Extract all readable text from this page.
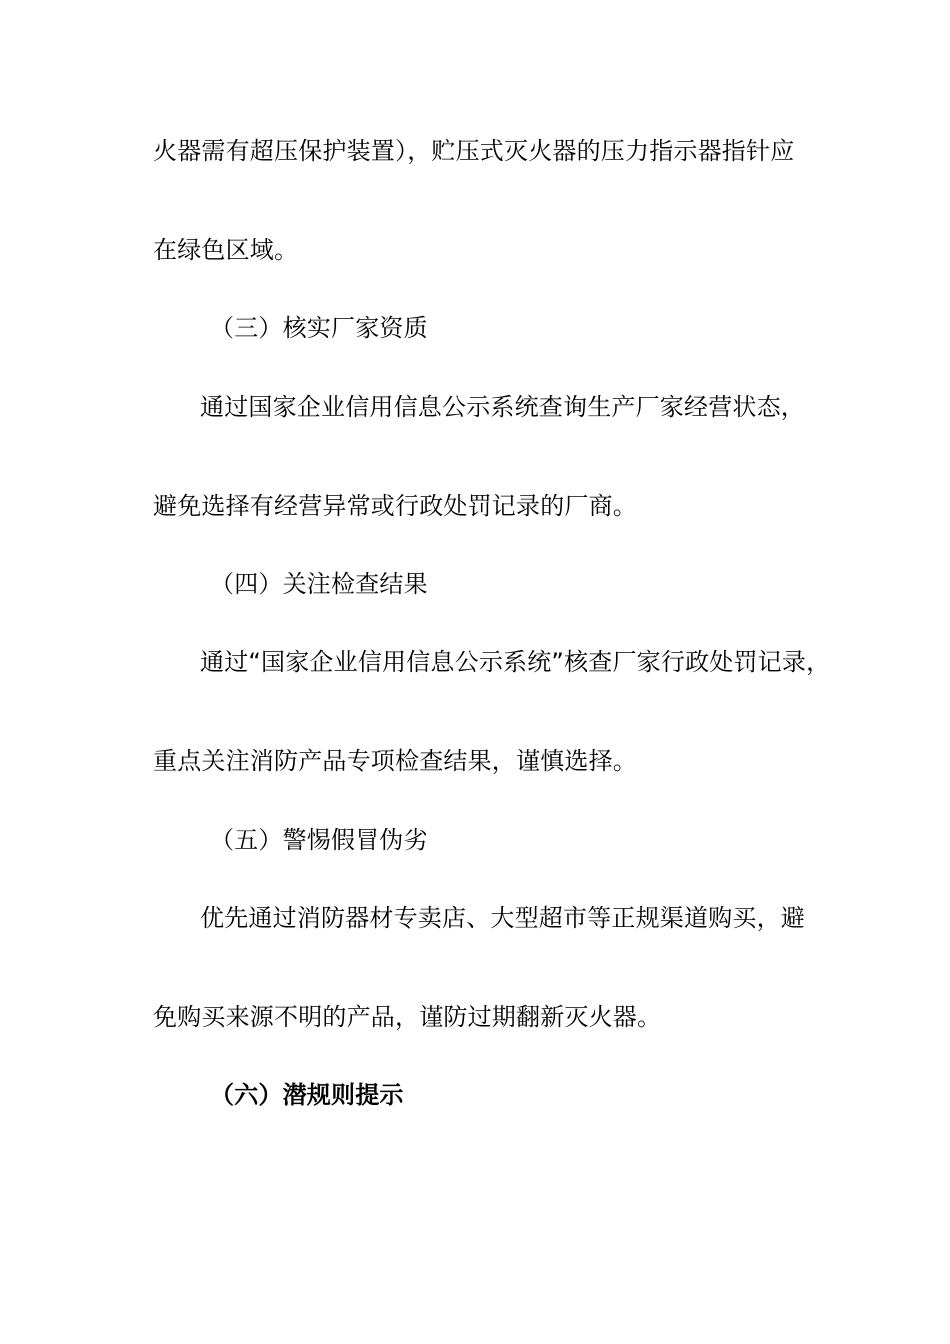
火器需有超压保护装置），贮压式灭火器的压力指示器指针应
在绿色区域。
（三）核实厂家资质
通过国家企业信用信息公示系统查询生产厂家经营状态，
避免选择有经营异常或行政处罚记录的厂商。
（四）关注检查结果
通过“国家企业信用信息公示系统”核查厂家行政处罚记录，
重点关注消防产品专项检查结果，谨慎选择。
（五）警惕假冒伪劣
优先通过消防器材专卖店、大型超市等正规渠道购买，避
免购买来源不明的产品，谨防过期翻新灭火器。
（六）潜规则提示
